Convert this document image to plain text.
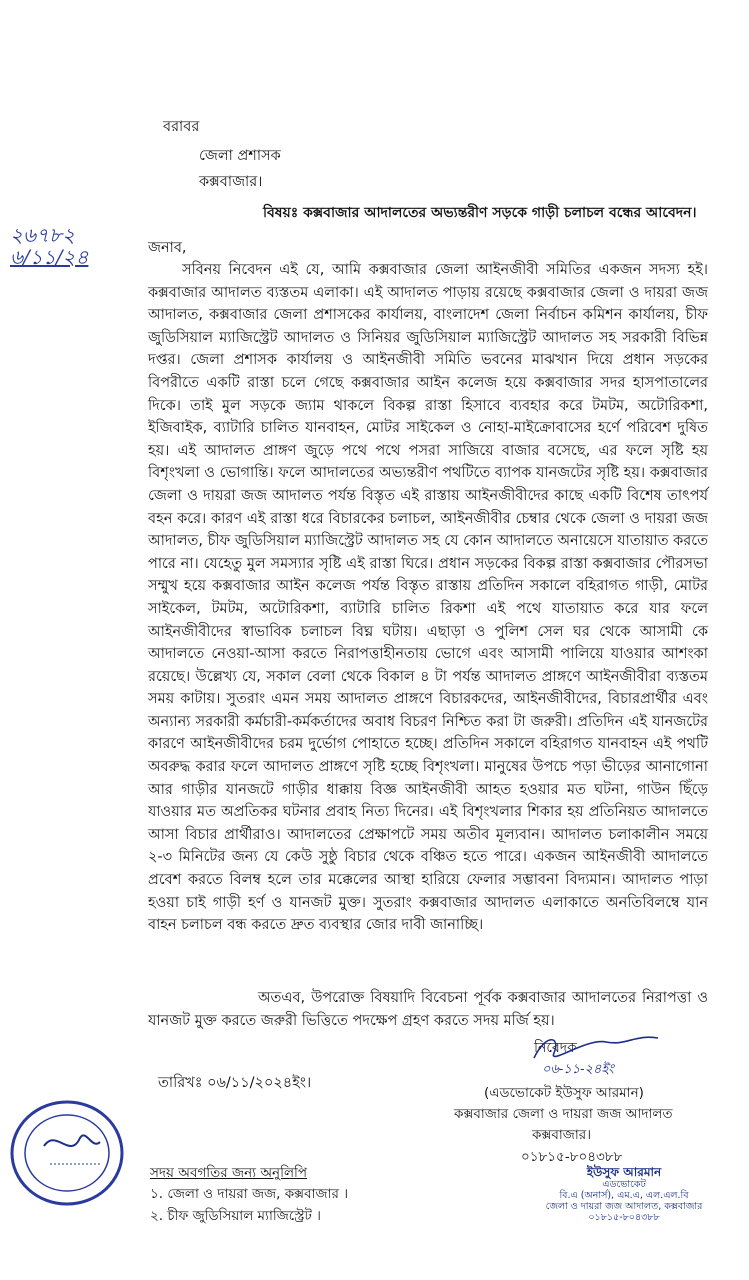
বরাবর
জেলা প্রশাসক
কক্সবাজার।
বিষয়ঃ কক্সবাজার আদালতের অভ্যন্তরীণ সড়কে গাড়ী চলাচল বন্ধের আবেদন।
২৬৭৮২
৬/১১/২৪	জনাব,
সবিনয় নিবেদন এই যে, আমি কক্সবাজার জেলা আইনজীবী সমিতির একজন সদস্য হই। কক্সবাজার আদালত ব্যস্ততম এলাকা। এই আদালত পাড়ায় রয়েছে কক্সবাজার জেলা ও দায়রা জজ আদালত, কক্সবাজার জেলা প্রশাসকের কার্যালয়, বাংলাদেশ জেলা নির্বাচন কমিশন কার্যালয়, চীফ জুডিসিয়াল ম্যাজিস্ট্রেট আদালত ও সিনিয়র জুডিসিয়াল ম্যাজিস্ট্রেট আদালত সহ সরকারী বিভিন্ন দপ্তর। জেলা প্রশাসক কার্যালয় ও আইনজীবী সমিতি ভবনের মাঝখান দিয়ে প্রধান সড়কের বিপরীতে একটি রাস্তা চলে গেছে কক্সবাজার আইন কলেজ হয়ে কক্সবাজার সদর হাসপাতালের দিকে। তাই মুল সড়কে জ্যাম থাকলে বিকল্প রাস্তা হিসাবে ব্যবহার করে টমটম, অটোরিকশা, ইজিবাইক, ব্যাটারি চালিত যানবাহন, মোটর সাইকেল ও নোহা-মাইক্রোবাসের হর্ণে পরিবেশ দুষিত হয়। এই আদালত প্রাঙ্গণ জুড়ে পথে পথে পসরা সাজিয়ে বাজার বসেছে, এর ফলে সৃষ্টি হয় বিশৃংখলা ও ভোগান্তি। ফলে আদালতের অভ্যন্তরীণ পথটিতে ব্যাপক যানজটের সৃষ্টি হয়। কক্সবাজার জেলা ও দায়রা জজ আদালত পর্যন্ত বিস্তৃত এই রাস্তায় আইনজীবীদের কাছে একটি বিশেষ তাৎপর্য বহন করে। কারণ এই রাস্তা ধরে বিচারকের চলাচল, আইনজীবীর চেম্বার থেকে জেলা ও দায়রা জজ আদালত, চীফ জুডিসিয়াল ম্যাজিস্ট্রেট আদালত সহ যে কোন আদালতে অনায়েসে যাতায়াত করতে পারে না। যেহেতু মুল সমস্যার সৃষ্টি এই রাস্তা ঘিরে। প্রধান সড়কের বিকল্প রাস্তা কক্সবাজার পৌরসভা সম্মুখ হয়ে কক্সবাজার আইন কলেজ পর্যন্ত বিস্তৃত রাস্তায় প্রতিদিন সকালে বহিরাগত গাড়ী, মোটর সাইকেল, টমটম, অটোরিকশা, ব্যাটারি চালিত রিকশা এই পথে যাতায়াত করে যার ফলে আইনজীবীদের স্বাভাবিক চলাচল বিঘ্ন ঘটায়। এছাড়া ও পুলিশ সেল ঘর থেকে আসামী কে আদালতে নেওয়া-আসা করতে নিরাপত্তাহীনতায় ভোগে এবং আসামী পালিয়ে যাওয়ার আশংকা রয়েছে। উল্লেখ্য যে, সকাল বেলা থেকে বিকাল ৪ টা পর্যন্ত আদালত প্রাঙ্গণে আইনজীবীরা ব্যস্ততম সময় কাটায়। সুতরাং এমন সময় আদালত প্রাঙ্গণে বিচারকদের, আইনজীবীদের, বিচারপ্রার্থীর এবং অন্যান্য সরকারী কর্মচারী-কর্মকর্তাদের অবাধ বিচরণ নিশ্চিত করা টা জরুরী। প্রতিদিন এই যানজটের কারণে আইনজীবীদের চরম দুর্ভোগ পোহাতে হচ্ছে। প্রতিদিন সকালে বহিরাগত যানবাহন এই পথটি অবরুদ্ধ করার ফলে আদালত প্রাঙ্গণে সৃষ্টি হচ্ছে বিশৃংখলা। মানুষের উপচে পড়া ভীড়ের আনাগোনা আর গাড়ীর যানজটে গাড়ীর ধাক্কায় বিজ্ঞ আইনজীবী আহত হওয়ার মত ঘটনা, গাউন ছিঁড়ে যাওয়ার মত অপ্রতিকর ঘটনার প্রবাহ নিত্য দিনের। এই বিশৃংখলার শিকার হয় প্রতিনিয়ত আদালতে আসা বিচার প্রার্থীরাও। আদালতের প্রেক্ষাপটে সময় অতীব মূল্যবান। আদালত চলাকালীন সময়ে ২-৩ মিনিটের জন্য যে কেউ সুষ্ঠু বিচার থেকে বঞ্চিত হতে পারে। একজন আইনজীবী আদালতে প্রবেশ করতে বিলম্ব হলে তার মক্কেলের আস্থা হারিয়ে ফেলার সম্ভাবনা বিদ্যমান। আদালত পাড়া হওয়া চাই গাড়ী হর্ণ ও যানজট মুক্ত। সুতরাং কক্সবাজার আদালত এলাকাতে অনতিবিলম্বে যান বাহন চলাচল বন্ধ করতে দ্রুত ব্যবস্থার জোর দাবী জানাচ্ছি।
অতএব, উপরোক্ত বিষয়াদি বিবেচনা পূর্বক কক্সবাজার আদালতের নিরাপত্তা ও যানজট মুক্ত করতে জরুরী ভিত্তিতে পদক্ষেপ গ্রহণ করতে সদয় মর্জি হয়।
নিবেদক
০৬-১১-২৪ইং
(এডভোকেট ইউসুফ আরমান)
কক্সবাজার জেলা ও দায়রা জজ আদালত
কক্সবাজার।
০১৮১৫-৮০৪৩৮৮
তারিখঃ ০৬/১১/২০২৪ইং।
সদয় অবগতির জন্য অনুলিপি
১. জেলা ও দায়রা জজ, কক্সবাজার ।
২. চীফ জুডিসিয়াল ম্যাজিস্ট্রেট ।
ইউসুফ আরমান
এডভোকেট
বি.এ (অনার্স), এম.এ, এল.এল.বি
জেলা ও দায়রা জজ আদালত, কক্সবাজার
০১৮১৫-৮০৪৩৮৮
